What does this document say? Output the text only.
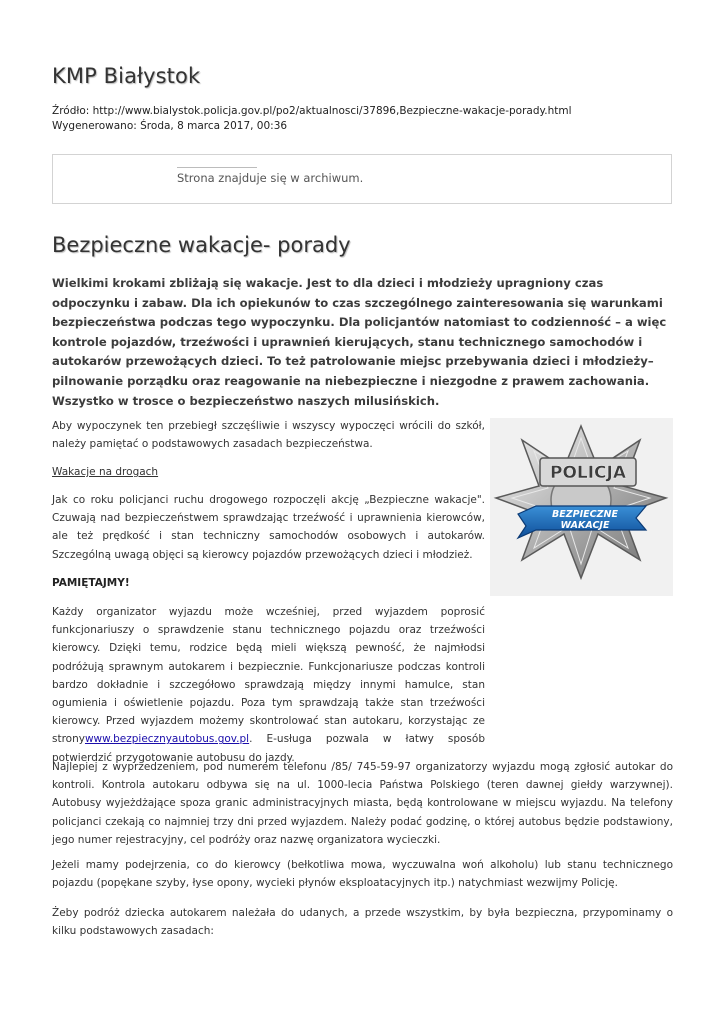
KMP Białystok
Źródło: http://www.bialystok.policja.gov.pl/po2/aktualnosci/37896,Bezpieczne-wakacje-porady.html
Wygenerowano: Środa, 8 marca 2017, 00:36
Strona znajduje się w archiwum.
Bezpieczne wakacje- porady

Wielkimi krokami zbliżają się wakacje. Jest to dla dzieci i młodzieży upragniony czas odpoczynku i zabaw. Dla ich opiekunów to czas szczególnego zainteresowania się warunkami bezpieczeństwa podczas tego wypoczynku. Dla policjantów natomiast to codzienność – a więc kontrole pojazdów, trzeźwości i uprawnień kierujących, stanu technicznego samochodów i autokarów przewożących dzieci. To też patrolowanie miejsc przebywania dzieci i młodzieży– pilnowanie porządku oraz reagowanie na niebezpieczne i niezgodne z prawem zachowania. Wszystko w trosce o bezpieczeństwo naszych milusińskich.

Aby wypoczynek ten przebiegł szczęśliwie i wszyscy wypoczęci wrócili do szkół, należy pamiętać o podstawowych zasadach bezpieczeństwa.

Wakacje na drogach

Jak co roku policjanci ruchu drogowego rozpoczęli akcję „Bezpieczne wakacje". Czuwają nad bezpieczeństwem sprawdzając trzeźwość i uprawnienia kierowców, ale też prędkość i stan techniczny samochodów osobowych i autokarów. Szczególną uwagą objęci są kierowcy pojazdów przewożących dzieci i młodzież.

PAMIĘTAJMY!

Każdy organizator wyjazdu może wcześniej, przed wyjazdem poprosić funkcjonariuszy o sprawdzenie stanu technicznego pojazdu oraz trzeźwości kierowcy. Dzięki temu, rodzice będą mieli większą pewność, że najmłodsi podróżują sprawnym autokarem i bezpiecznie. Funkcjonariusze podczas kontroli bardzo dokładnie i szczegółowo sprawdzają między innymi hamulce, stan ogumienia i oświetlenie pojazdu. Poza tym sprawdzają także stan trzeźwości kierowcy. Przed wyjazdem możemy skontrolować stan autokaru, korzystając ze stronywww.bezpiecznyautobus.gov.pl. E-usługa pozwala w łatwy sposób potwierdzić przygotowanie autobusu do jazdy.

Najlepiej z wyprzedzeniem, pod numerem telefonu /85/ 745-59-97 organizatorzy wyjazdu mogą zgłosić autokar do kontroli. Kontrola autokaru odbywa się na ul. 1000-lecia Państwa Polskiego (teren dawnej giełdy warzywnej). Autobusy wyjeżdżające spoza granic administracyjnych miasta, będą kontrolowane w miejscu wyjazdu. Na telefony policjanci czekają co najmniej trzy dni przed wyjazdem. Należy podać godzinę, o której autobus będzie podstawiony, jego numer rejestracyjny, cel podróży oraz nazwę organizatora wycieczki.

Jeżeli mamy podejrzenia, co do kierowcy (bełkotliwa mowa, wyczuwalna woń alkoholu) lub stanu technicznego pojazdu (popękane szyby, łyse opony, wycieki płynów eksploatacyjnych itp.) natychmiast wezwijmy Policję.

Żeby podróż dziecka autokarem należała do udanych, a przede wszystkim, by była bezpieczna, przypominamy o kilku podstawowych zasadach:

POLICJA
BEZPIECZNE
WAKACJE
